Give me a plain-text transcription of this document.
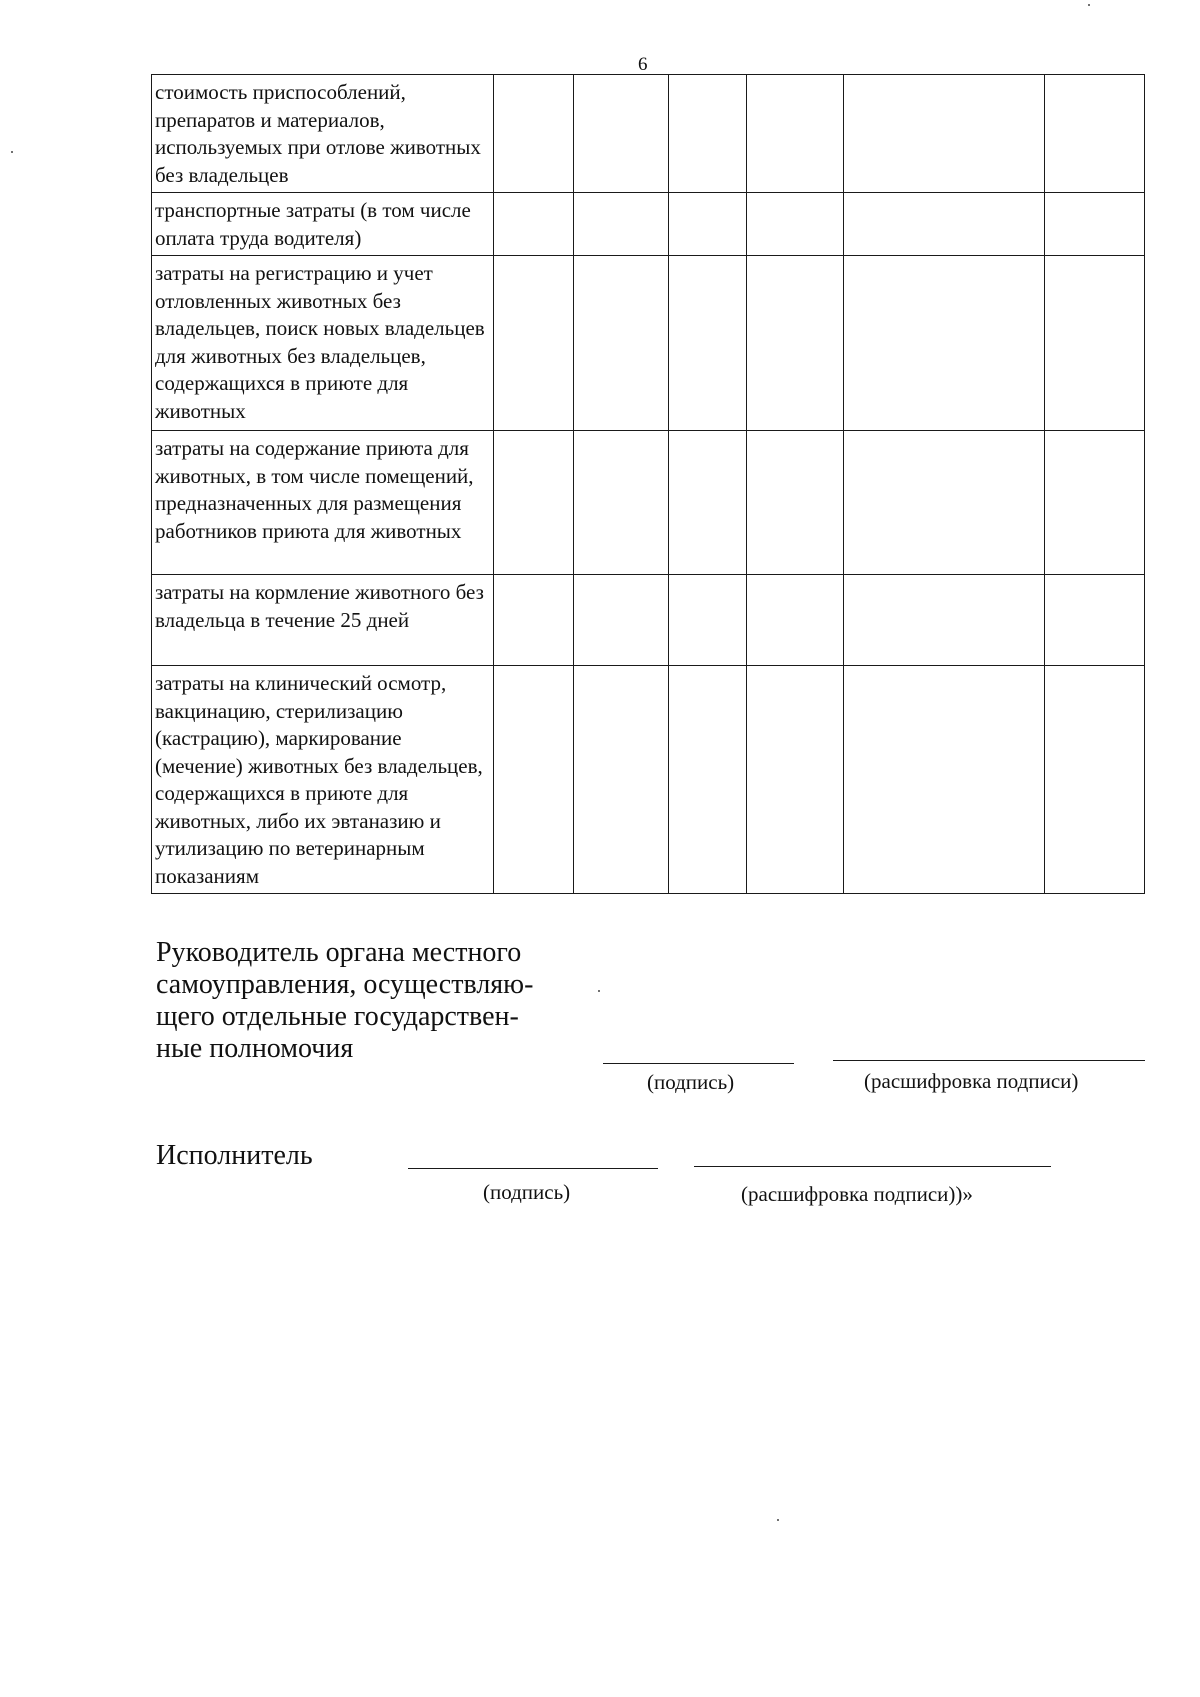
6
стоимость приспособлений, препаратов и материалов, используемых при отлове животных без владельцев						
транспортные затраты (в том числе оплата труда водителя)						
затраты на регистрацию и учет отловленных животных без владельцев, поиск новых владельцев для животных без владельцев, содержащихся в приюте для животных						
затраты на содержание приюта для животных, в том числе помещений, предназначенных для размещения работников приюта для животных						
затраты на кормление животного без владельца в течение 25 дней						
затраты на клинический осмотр, вакцинацию, стерилизацию (кастрацию), маркирование (мечение) животных без владельцев, содержащихся в приюте для животных, либо их эвтаназию и утилизацию по ветеринарным показаниям						
Руководитель органа местного
самоуправления, осуществляю-
щего отдельные государствен-
ные полномочия
(подпись)	(расшифровка подписи)
Исполнитель
(подпись)	(расшифровка подписи))»
